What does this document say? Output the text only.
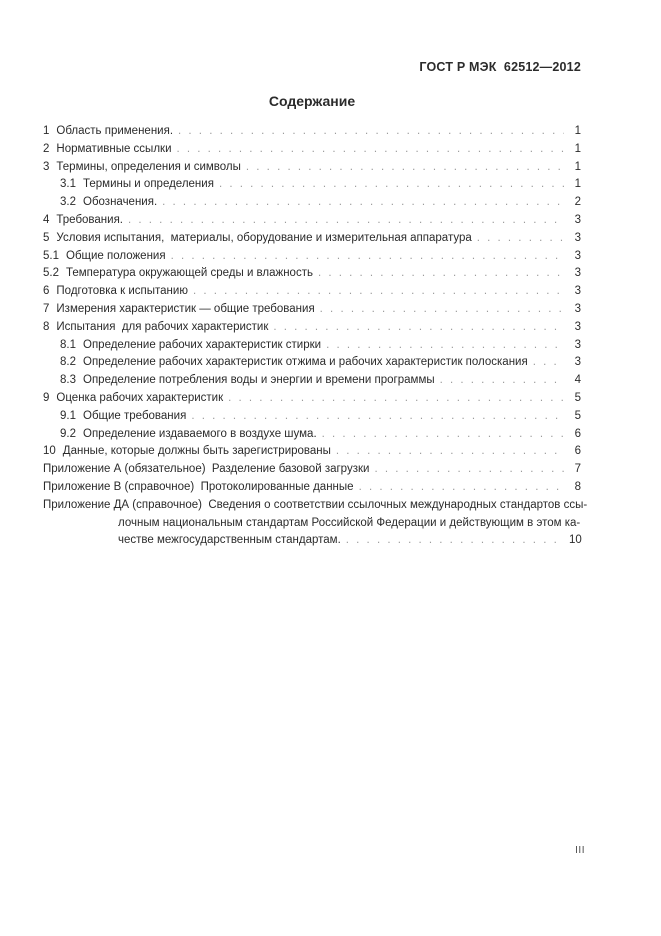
ГОСТ Р МЭК  62512—2012
Содержание
1 Область применения. . . .	1
2 Нормативные ссылки . . .	1
3 Термины, определения и символы . . .	1
3.1 Термины и определения . . .	1
3.2 Обозначения. . . .	2
4 Требования. . . .	3
5 Условия испытания,  материалы, оборудование и измерительная аппаратура . . .	3
5.1 Общие положения . . .	3
5.2 Температура окружающей среды и влажность . . .	3
6 Подготовка к испытанию . . .	3
7 Измерения характеристик — общие требования . . .	3
8 Испытания  для рабочих характеристик . . .	3
8.1 Определение рабочих характеристик стирки . . .	3
8.2 Определение рабочих характеристик отжима и рабочих характеристик полоскания . . .	3
8.3 Определение потребления воды и энергии и времени программы . . .	4
9 Оценка рабочих характеристик . . .	5
9.1 Общие требования . . .	5
9.2 Определение издаваемого в воздухе шума. . . .	6
10 Данные, которые должны быть зарегистрированы . . .	6
Приложение А (обязательное)  Разделение базовой загрузки . . .	7
Приложение В (справочное)  Протоколированные данные . . .	8
Приложение ДА (справочное)  Сведения о соответствии ссылочных международных стандартов ссы-
лочным национальным стандартам Российской Федерации и действующим в этом ка-
честве межгосударственным стандартам. . . .	10
III
